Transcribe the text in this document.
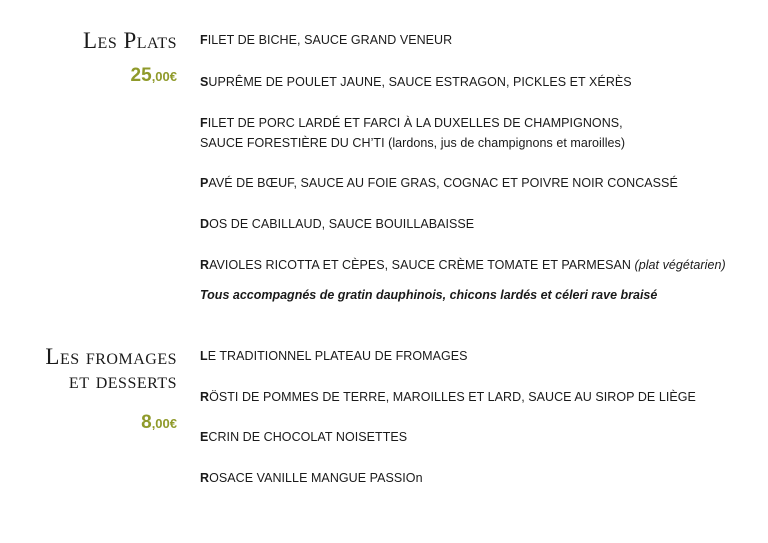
Les Plats
25,00€
FILET DE BICHE, SAUCE GRAND VENEUR
SUPRÊME DE POULET JAUNE, SAUCE ESTRAGON, PICKLES ET XÉRÈS
FILET DE PORC LARDÉ ET FARCI À LA DUXELLES DE CHAMPIGNONS,
SAUCE FORESTIÈRE DU CH’TI (lardons, jus de champignons et maroilles)
PAVÉ DE BŒUF, SAUCE AU FOIE GRAS, COGNAC ET POIVRE NOIR CONCASSÉ
DOS DE CABILLAUD, SAUCE BOUILLABAISSE
RAVIOLES RICOTTA ET CÈPES, SAUCE CRÈME TOMATE ET PARMESAN (plat végétarien)
Tous accompagnés de gratin dauphinois, chicons lardés et céleri rave braisé
Les fromages
et desserts
8,00€
LE TRADITIONNEL PLATEAU DE FROMAGES
RÖSTI DE POMMES DE TERRE, MAROILLES ET LARD, SAUCE AU SIROP DE LIÈGE
ECRIN DE CHOCOLAT NOISETTES
ROSACE VANILLE MANGUE PASSIOn
